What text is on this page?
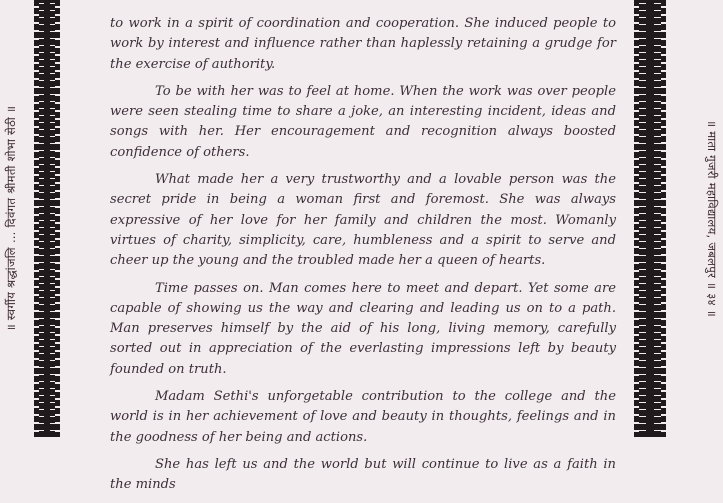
॥ स्वर्गीय श्रद्धांजलि … दिवंगत श्रीमती शोभा सेठी ॥

to work in a spirit of coordination and cooperation. She induced people to work by interest and influence rather than haplessly retaining a grudge for the exercise of authority.

To be with her was to feel at home. When the work was over people were seen stealing time to share a joke, an interesting incident, ideas and songs with her. Her encouragement and recognition always boosted confidence of others.

What made her a very trustworthy and a lovable person was the secret pride in being a woman first and foremost. She was always expressive of her love for her family and children the most. Womanly virtues of charity, simplicity, care, humbleness and a spirit to serve and cheer up the young and the troubled made her a queen of hearts.

Time passes on. Man comes here to meet and depart. Yet some are capable of showing us the way and clearing and leading us on to a path. Man preserves himself by the aid of his long, living memory, carefully sorted out in appreciation of the everlasting impressions left by beauty founded on truth.

Madam Sethi's unforgetable contribution to the college and the world is in her achievement of love and beauty in thoughts, feelings and in the goodness of her being and actions.

She has left us and the world but will continue to live as a faith in the minds

॥ माता गुजरी महाविद्यालय, जबलपुर ॥ ३४ ॥
